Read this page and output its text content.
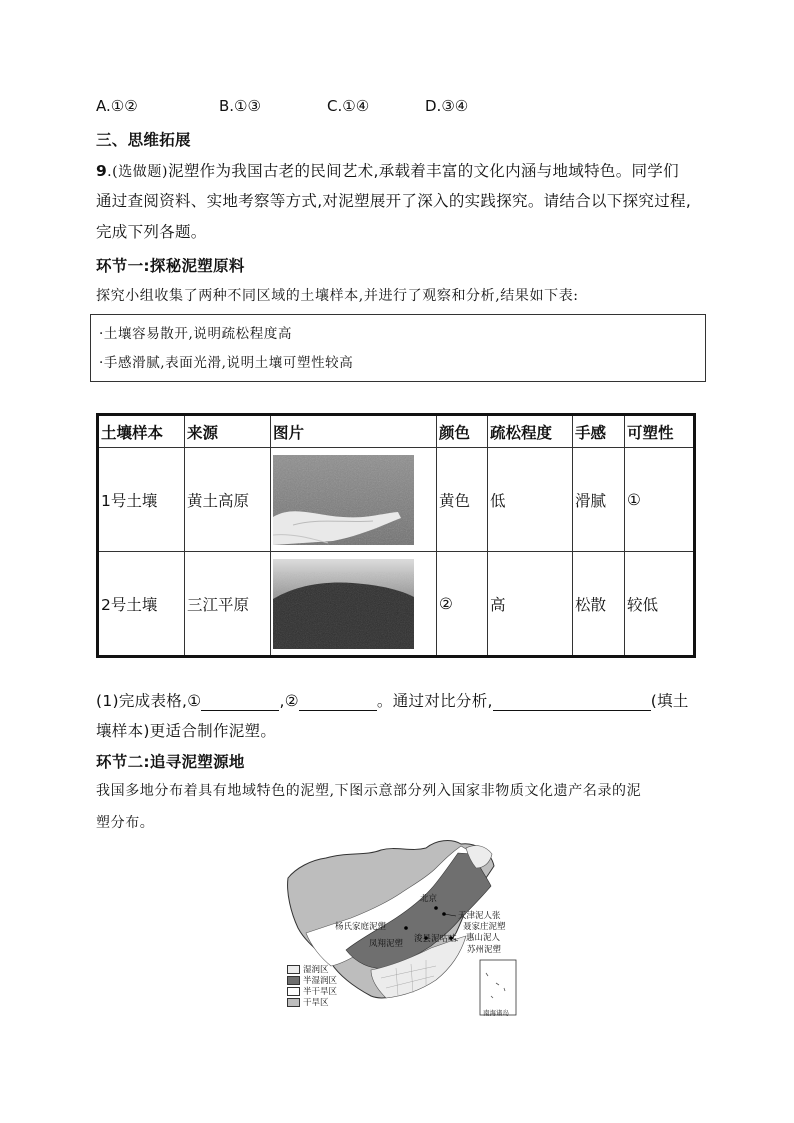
A.①②	B.①③	C.①④	D.③④
三、思维拓展
9.(选做题)泥塑作为我国古老的民间艺术,承载着丰富的文化内涵与地域特色。同学们
通过查阅资料、实地考察等方式,对泥塑展开了深入的实践探究。请结合以下探究过程,
完成下列各题。
环节一:探秘泥塑原料
探究小组收集了两种不同区域的土壤样本,并进行了观察和分析,结果如下表:
·土壤容易散开,说明疏松程度高
·手感滑腻,表面光滑,说明土壤可塑性较高
土壤样本	来源	图片	颜色	疏松程度	手感	可塑性
1号土壤	黄土高原		黄色	低	滑腻	①
2号土壤	三江平原		②	高	松散	较低
(1)完成表格,①	,②	。通过对比分析,	(填土
壤样本)更适合制作泥塑。
环节二:追寻泥塑源地
我国多地分布着具有地域特色的泥塑,下图示意部分列入国家非物质文化遗产名录的泥
塑分布。
北京
天津泥人张
聂家庄泥塑
杨氏家庭泥塑
惠山泥人
凤翔泥塑 浚县泥咕咕
苏州泥塑
南海诸岛
湿润区
半湿润区
半干旱区
干旱区
